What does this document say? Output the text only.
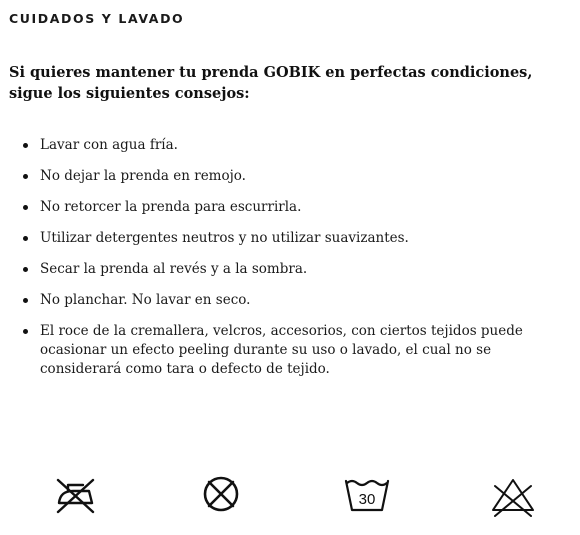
CUIDADOS Y LAVADO

Si quieres mantener tu prenda GOBIK en perfectas condiciones, sigue los siguientes consejos:

Lavar con agua fría.
No dejar la prenda en remojo.
No retorcer la prenda para escurrirla.
Utilizar detergentes neutros y no utilizar suavizantes.
Secar la prenda al revés y a la sombra.
No planchar. No lavar en seco.
El roce de la cremallera, velcros, accesorios, con ciertos tejidos puede ocasionar un efecto peeling durante su uso o lavado, el cual no se considerará como tara o defecto de tejido.
30
